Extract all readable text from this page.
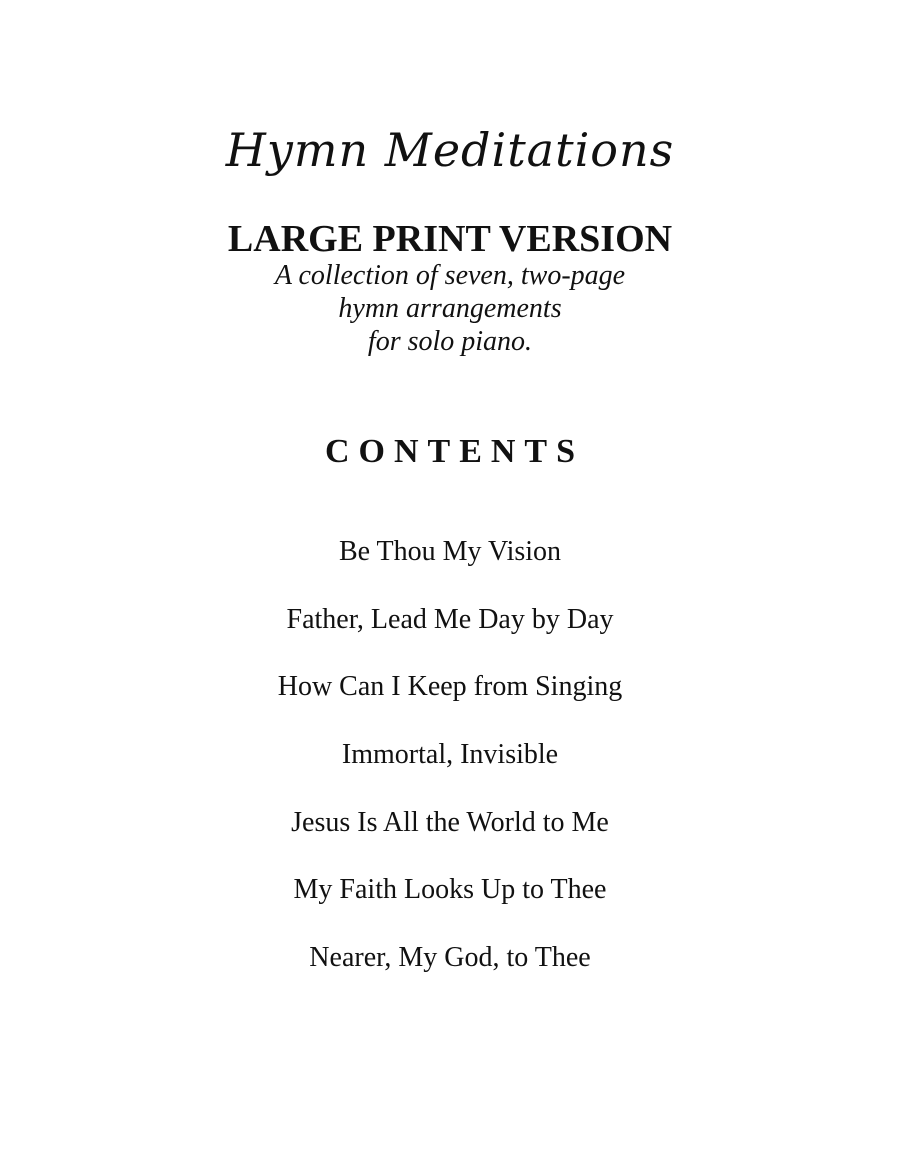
Hymn Meditations
LARGE PRINT VERSION
A collection of seven, two-page
hymn arrangements
for solo piano.
CONTENTS
Be Thou My Vision
Father, Lead Me Day by Day
How Can I Keep from Singing
Immortal, Invisible
Jesus Is All the World to Me
My Faith Looks Up to Thee
Nearer, My God, to Thee
